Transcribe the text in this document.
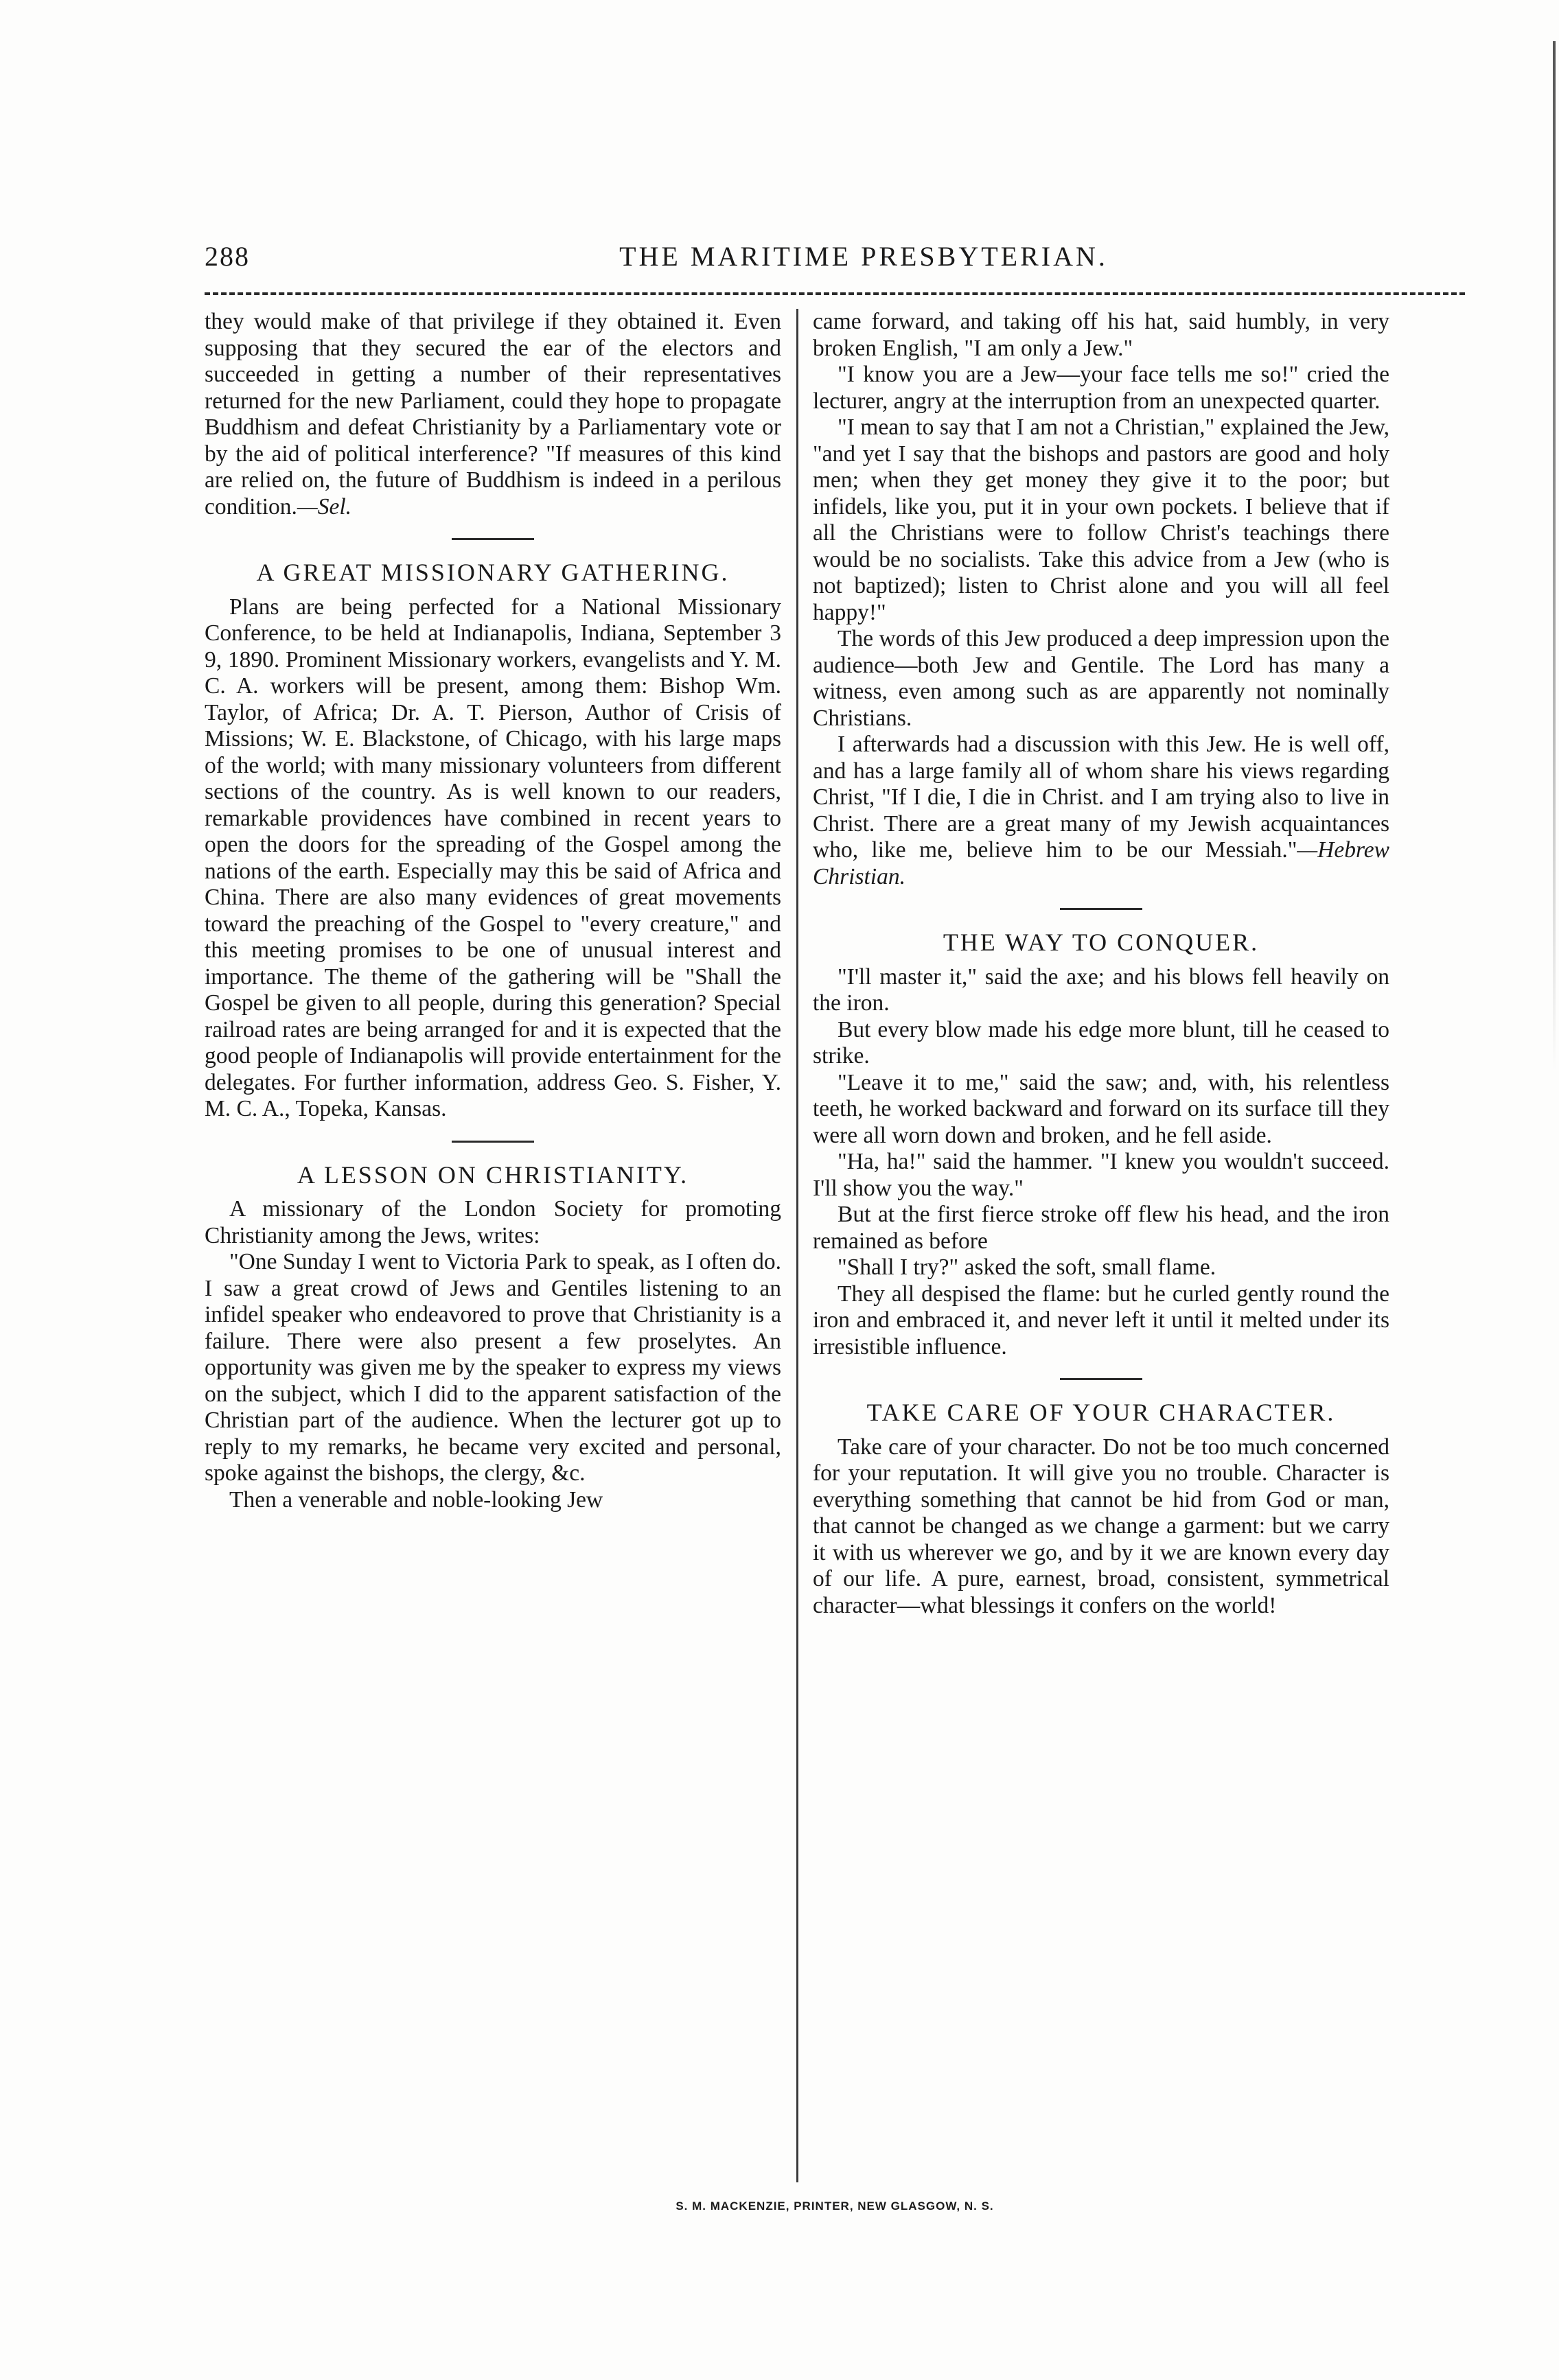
288	THE MARITIME PRESBYTERIAN.

they would make of that privilege if they obtained it. Even supposing that they secured the ear of the electors and succeeded in getting a number of their representatives returned for the new Parliament, could they hope to propagate Buddhism and defeat Christianity by a Parliamentary vote or by the aid of political interference? "If measures of this kind are relied on, the future of Buddhism is indeed in a perilous condition.—Sel.

A GREAT MISSIONARY GATHERING.

Plans are being perfected for a National Missionary Conference, to be held at Indianapolis, Indiana, September 3 9, 1890. Prominent Missionary workers, evangelists and Y. M. C. A. workers will be present, among them: Bishop Wm. Taylor, of Africa; Dr. A. T. Pierson, Author of Crisis of Missions; W. E. Blackstone, of Chicago, with his large maps of the world; with many missionary volunteers from different sections of the country. As is well known to our readers, remarkable providences have combined in recent years to open the doors for the spreading of the Gospel among the nations of the earth. Especially may this be said of Africa and China. There are also many evidences of great movements toward the preaching of the Gospel to "every creature," and this meeting promises to be one of unusual interest and importance. The theme of the gathering will be "Shall the Gospel be given to all people, during this generation? Special railroad rates are being arranged for and it is expected that the good people of Indianapolis will provide entertainment for the delegates. For further information, address Geo. S. Fisher, Y. M. C. A., Topeka, Kansas.

A LESSON ON CHRISTIANITY.

A missionary of the London Society for promoting Christianity among the Jews, writes:

"One Sunday I went to Victoria Park to speak, as I often do. I saw a great crowd of Jews and Gentiles listening to an infidel speaker who endeavored to prove that Christianity is a failure. There were also present a few proselytes. An opportunity was given me by the speaker to express my views on the subject, which I did to the apparent satisfaction of the Christian part of the audience. When the lecturer got up to reply to my remarks, he became very excited and personal, spoke against the bishops, the clergy, &c.

Then a venerable and noble-looking Jew

came forward, and taking off his hat, said humbly, in very broken English, "I am only a Jew."

"I know you are a Jew—your face tells me so!" cried the lecturer, angry at the interruption from an unexpected quarter.

"I mean to say that I am not a Christian," explained the Jew, "and yet I say that the bishops and pastors are good and holy men; when they get money they give it to the poor; but infidels, like you, put it in your own pockets. I believe that if all the Christians were to follow Christ's teachings there would be no socialists. Take this advice from a Jew (who is not baptized); listen to Christ alone and you will all feel happy!"

The words of this Jew produced a deep impression upon the audience—both Jew and Gentile. The Lord has many a witness, even among such as are apparently not nominally Christians.

I afterwards had a discussion with this Jew. He is well off, and has a large family all of whom share his views regarding Christ, "If I die, I die in Christ. and I am trying also to live in Christ. There are a great many of my Jewish acquaintances who, like me, believe him to be our Messiah."—Hebrew Christian.

THE WAY TO CONQUER.

"I'll master it," said the axe; and his blows fell heavily on the iron.

But every blow made his edge more blunt, till he ceased to strike.

"Leave it to me," said the saw; and, with, his relentless teeth, he worked backward and forward on its surface till they were all worn down and broken, and he fell aside.

"Ha, ha!" said the hammer. "I knew you wouldn't succeed. I'll show you the way."

But at the first fierce stroke off flew his head, and the iron remained as before

"Shall I try?" asked the soft, small flame.

They all despised the flame: but he curled gently round the iron and embraced it, and never left it until it melted under its irresistible influence.

TAKE CARE OF YOUR CHARACTER.

Take care of your character. Do not be too much concerned for your reputation. It will give you no trouble. Character is everything something that cannot be hid from God or man, that cannot be changed as we change a garment: but we carry it with us wherever we go, and by it we are known every day of our life. A pure, earnest, broad, consistent, symmetrical character—what blessings it confers on the world!

S. M. MACKENZIE, PRINTER, NEW GLASGOW, N. S.
